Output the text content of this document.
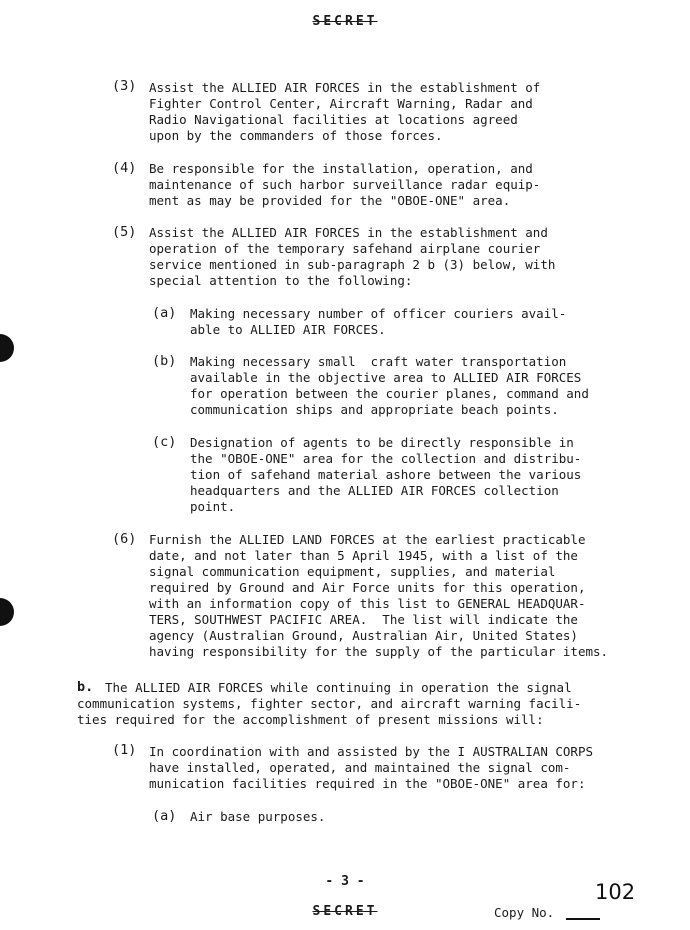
SECRET
(3) Assist the ALLIED AIR FORCES in the establishment of
Fighter Control Center, Aircraft Warning, Radar and
Radio Navigational facilities at locations agreed
upon by the commanders of those forces.
(4) Be responsible for the installation, operation, and
maintenance of such harbor surveillance radar equip-
ment as may be provided for the "OBOE-ONE" area.
(5) Assist the ALLIED AIR FORCES in the establishment and
operation of the temporary safehand airplane courier
service mentioned in sub-paragraph 2 b (3) below, with
special attention to the following:
(a) Making necessary number of officer couriers avail-
able to ALLIED AIR FORCES.
(b) Making necessary small  craft water transportation
available in the objective area to ALLIED AIR FORCES
for operation between the courier planes, command and
communication ships and appropriate beach points.
(c) Designation of agents to be directly responsible in
the "OBOE-ONE" area for the collection and distribu-
tion of safehand material ashore between the various
headquarters and the ALLIED AIR FORCES collection
point.
(6) Furnish the ALLIED LAND FORCES at the earliest practicable
date, and not later than 5 April 1945, with a list of the
signal communication equipment, supplies, and material
required by Ground and Air Force units for this operation,
with an information copy of this list to GENERAL HEADQUAR-
TERS, SOUTHWEST PACIFIC AREA.  The list will indicate the
agency (Australian Ground, Australian Air, United States)
having responsibility for the supply of the particular items.
b. The ALLIED AIR FORCES while continuing in operation the signal
communication systems, fighter sector, and aircraft warning facili-
ties required for the accomplishment of present missions will:
(1) In coordination with and assisted by the I AUSTRALIAN CORPS
have installed, operated, and maintained the signal com-
munication facilities required in the "OBOE-ONE" area for:
(a) Air base purposes.
- 3 -
SECRET	Copy No.
102
